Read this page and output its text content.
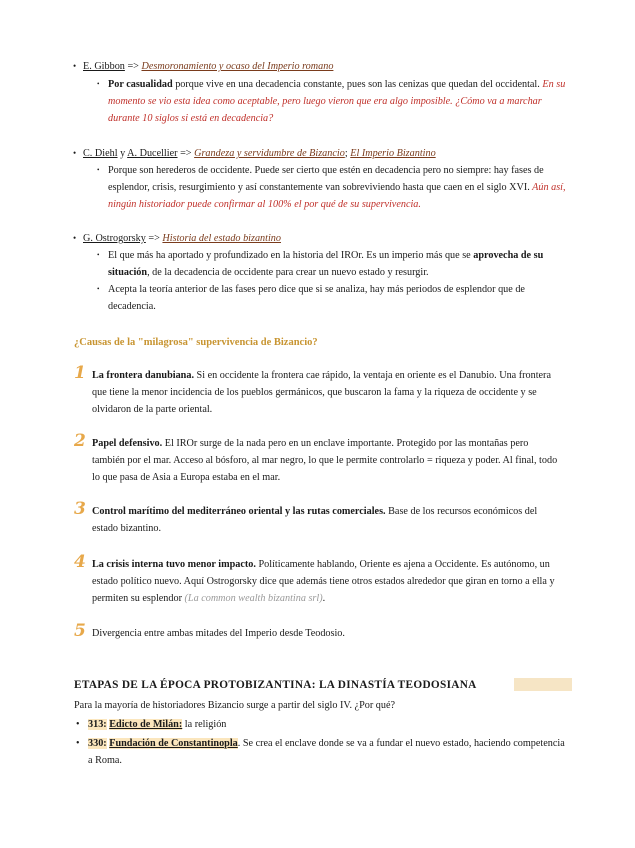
• E. Gibbon => Desmoronamiento y ocaso del Imperio romano
• Por casualidad porque vive en una decadencia constante, pues son las cenizas que quedan del occidental. En su momento se vio esta idea como aceptable, pero luego vieron que era algo imposible. ¿Cómo va a marchar durante 10 siglos si está en decadencia?
• C. Diehl y A. Ducellier => Grandeza y servidumbre de Bizancio; El Imperio Bizantino
• Porque son herederos de occidente. Puede ser cierto que estén en decadencia pero no siempre: hay fases de esplendor, crisis, resurgimiento y así constantemente van sobreviviendo hasta que caen en el siglo XVI. Aún así, ningún historiador puede confirmar al 100% el por qué de su supervivencia.
• G. Ostrogorsky => Historia del estado bizantino
• El que más ha aportado y profundizado en la historia del IROr. Es un imperio más que se aprovecha de su situación, de la decadencia de occidente para crear un nuevo estado y resurgir.
• Acepta la teoría anterior de las fases pero dice que si se analiza, hay más periodos de esplendor que de decadencia.
¿Causas de la "milagrosa" supervivencia de Bizancio?
1 La frontera danubiana. Si en occidente la frontera cae rápido, la ventaja en oriente es el Danubio. Una frontera que tiene la menor incidencia de los pueblos germánicos, que buscaron la fama y la riqueza de occidente y se olvidaron de la parte oriental.
2 Papel defensivo. El IROr surge de la nada pero en un enclave importante. Protegido por las montañas pero también por el mar. Acceso al bósforo, al mar negro, lo que le permite controlarlo = riqueza y poder. Al final, todo lo que pasa de Asia a Europa estaba en el mar.
3 Control marítimo del mediterráneo oriental y las rutas comerciales. Base de los recursos económicos del estado bizantino.
4 La crisis interna tuvo menor impacto. Políticamente hablando, Oriente es ajena a Occidente. Es autónomo, un estado político nuevo. Aquí Ostrogorsky dice que además tiene otros estados alrededor que giran en torno a ella y permiten su esplendor (La common wealth bizantina srl).
5 Divergencia entre ambas mitades del Imperio desde Teodosio.
ETAPAS DE LA ÉPOCA PROTOBIZANTINA: LA DINASTÍA TEODOSIANA
Para la mayoría de historiadores Bizancio surge a partir del siglo IV. ¿Por qué?
• 313: Edicto de Milán: la religión
• 330: Fundación de Constantinopla. Se crea el enclave donde se va a fundar el nuevo estado, haciendo competencia a Roma.
